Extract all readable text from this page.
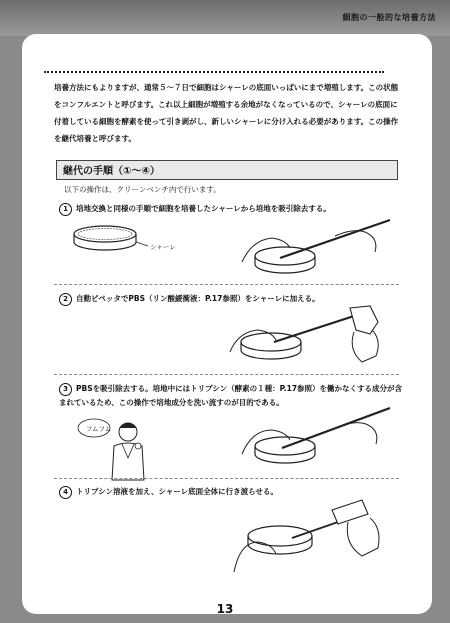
細胞の一般的な培養方法
培養方法にもよりますが、通常５〜７日で細胞はシャーレの底面いっぱいにまで増殖します。この状態をコンフルエントと呼びます。これ以上細胞が増殖する余地がなくなっているので、シャーレの底面に付着している細胞を酵素を使って引き剥がし、新しいシャーレに分け入れる必要があります。この操作を継代培養と呼びます。
継代の手順（①〜④）
以下の操作は、クリーンベンチ内で行います。
1 培地交換と同様の手順で細胞を培養したシャーレから培地を吸引除去する。
シャーレ
2 自動ピペッタでPBS（リン酸緩衝液：P.17参照）をシャーレに加える。
3 PBSを吸引除去する。培地中にはトリプシン（酵素の１種：P.17参照）を働かなくする成分が含まれているため、この操作で培地成分を洗い流すのが目的である。
フムフム
4 トリプシン溶液を加え、シャーレ底面全体に行き渡らせる。
13
